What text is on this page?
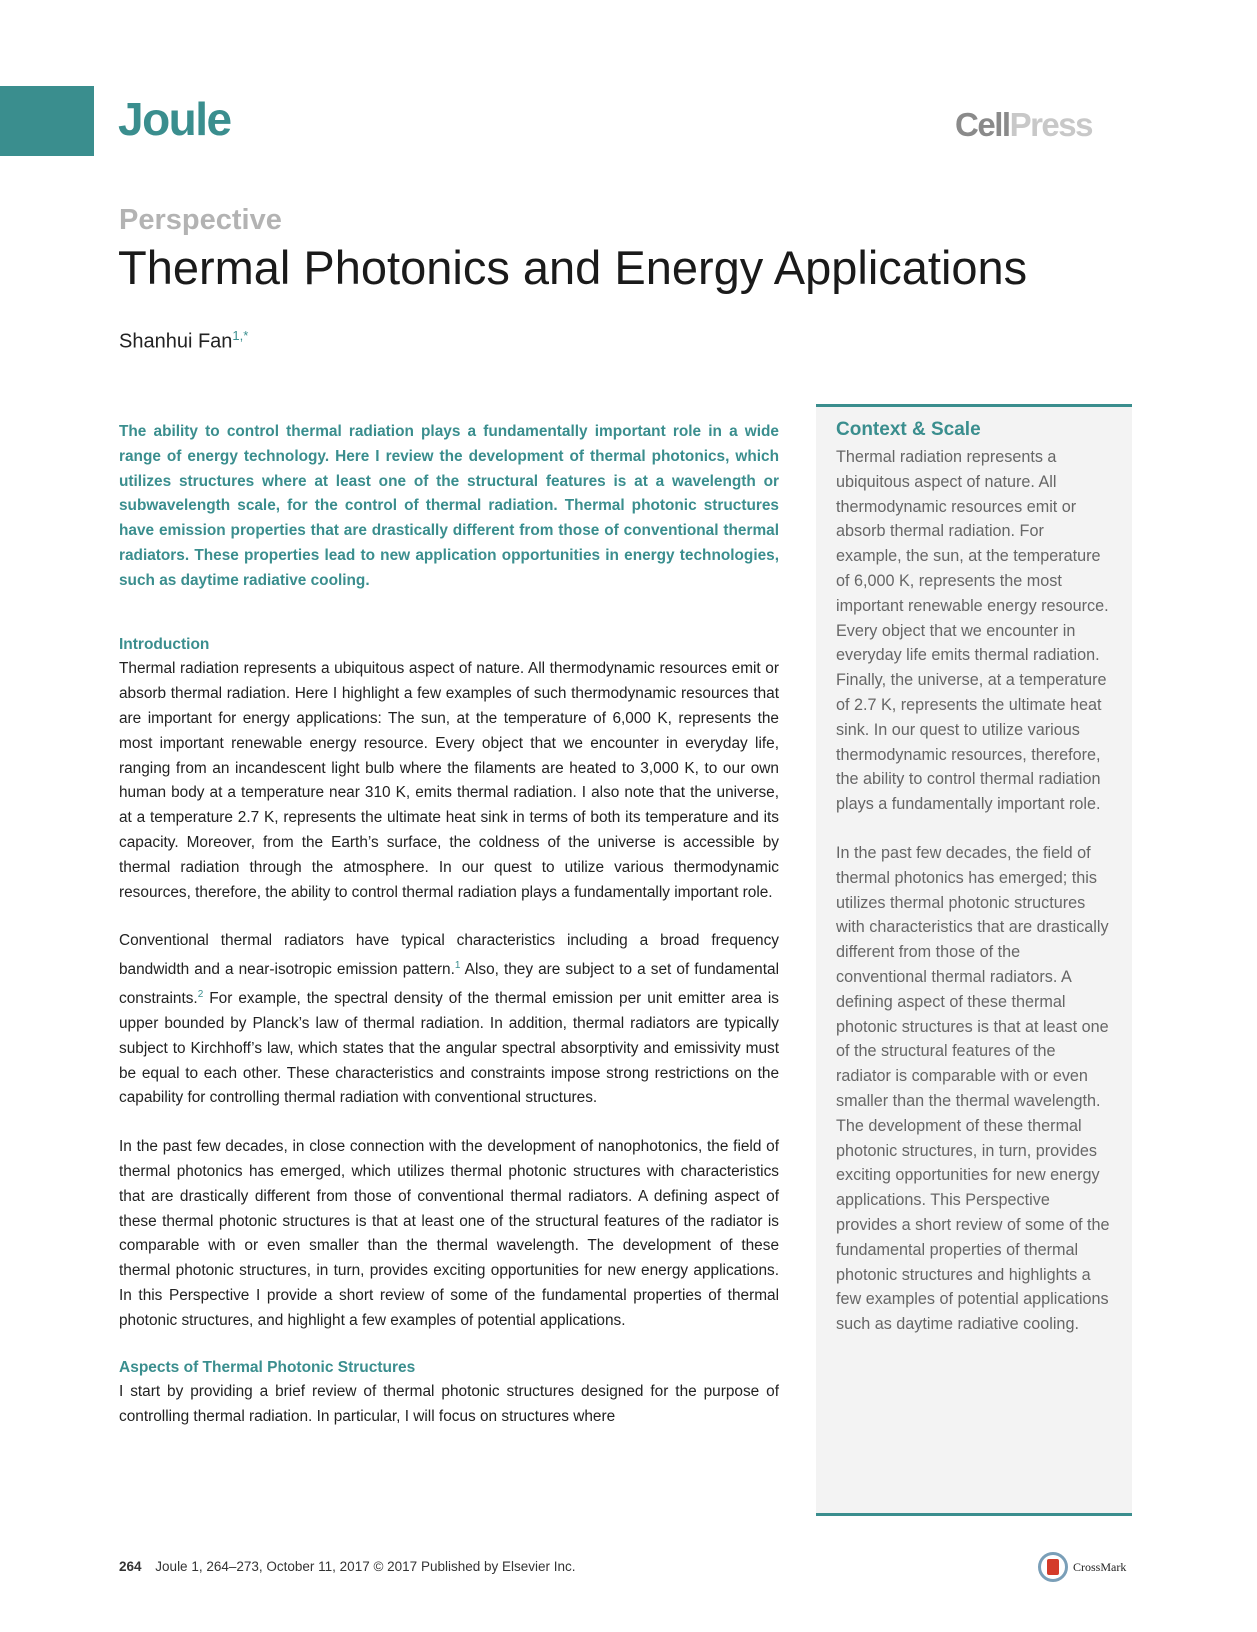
Joule	CellPress
Perspective
Thermal Photonics and Energy Applications
Shanhui Fan$^{1,*}$

The ability to control thermal radiation plays a fundamentally important role in a wide range of energy technology. Here I review the development of thermal photonics, which utilizes structures where at least one of the structural features is at a wavelength or subwavelength scale, for the control of thermal radiation. Thermal photonic structures have emission properties that are drastically different from those of conventional thermal radiators. These properties lead to new application opportunities in energy technologies, such as daytime radiative cooling.

Introduction

Thermal radiation represents a ubiquitous aspect of nature. All thermodynamic resources emit or absorb thermal radiation. Here I highlight a few examples of such thermodynamic resources that are important for energy applications: The sun, at the temperature of 6,000 K, represents the most important renewable energy resource. Every object that we encounter in everyday life, ranging from an incandescent light bulb where the filaments are heated to 3,000 K, to our own human body at a temperature near 310 K, emits thermal radiation. I also note that the universe, at a temperature 2.7 K, represents the ultimate heat sink in terms of both its temperature and its capacity. Moreover, from the Earth’s surface, the coldness of the universe is accessible by thermal radiation through the atmosphere. In our quest to utilize various thermodynamic resources, therefore, the ability to control thermal radiation plays a fundamentally important role.

Conventional thermal radiators have typical characteristics including a broad frequency bandwidth and a near-isotropic emission pattern.$^1$ Also, they are subject to a set of fundamental constraints.$^2$ For example, the spectral density of the thermal emission per unit emitter area is upper bounded by Planck’s law of thermal radiation. In addition, thermal radiators are typically subject to Kirchhoff’s law, which states that the angular spectral absorptivity and emissivity must be equal to each other. These characteristics and constraints impose strong restrictions on the capability for controlling thermal radiation with conventional structures.

In the past few decades, in close connection with the development of nanophotonics, the field of thermal photonics has emerged, which utilizes thermal photonic structures with characteristics that are drastically different from those of conventional thermal radiators. A defining aspect of these thermal photonic structures is that at least one of the structural features of the radiator is comparable with or even smaller than the thermal wavelength. The development of these thermal photonic structures, in turn, provides exciting opportunities for new energy applications. In this Perspective I provide a short review of some of the fundamental properties of thermal photonic structures, and highlight a few examples of potential applications.

Aspects of Thermal Photonic Structures

I start by providing a brief review of thermal photonic structures designed for the purpose of controlling thermal radiation. In particular, I will focus on structures where

Context & Scale

Thermal radiation represents a ubiquitous aspect of nature. All thermodynamic resources emit or absorb thermal radiation. For example, the sun, at the temperature of 6,000 K, represents the most important renewable energy resource. Every object that we encounter in everyday life emits thermal radiation. Finally, the universe, at a temperature of 2.7 K, represents the ultimate heat sink. In our quest to utilize various thermodynamic resources, therefore, the ability to control thermal radiation plays a fundamentally important role.

In the past few decades, the field of thermal photonics has emerged; this utilizes thermal photonic structures with characteristics that are drastically different from those of the conventional thermal radiators. A defining aspect of these thermal photonic structures is that at least one of the structural features of the radiator is comparable with or even smaller than the thermal wavelength. The development of these thermal photonic structures, in turn, provides exciting opportunities for new energy applications. This Perspective provides a short review of some of the fundamental properties of thermal photonic structures and highlights a few examples of potential applications such as daytime radiative cooling.

264 Joule 1, 264–273, October 11, 2017 © 2017 Published by Elsevier Inc.	CrossMark
